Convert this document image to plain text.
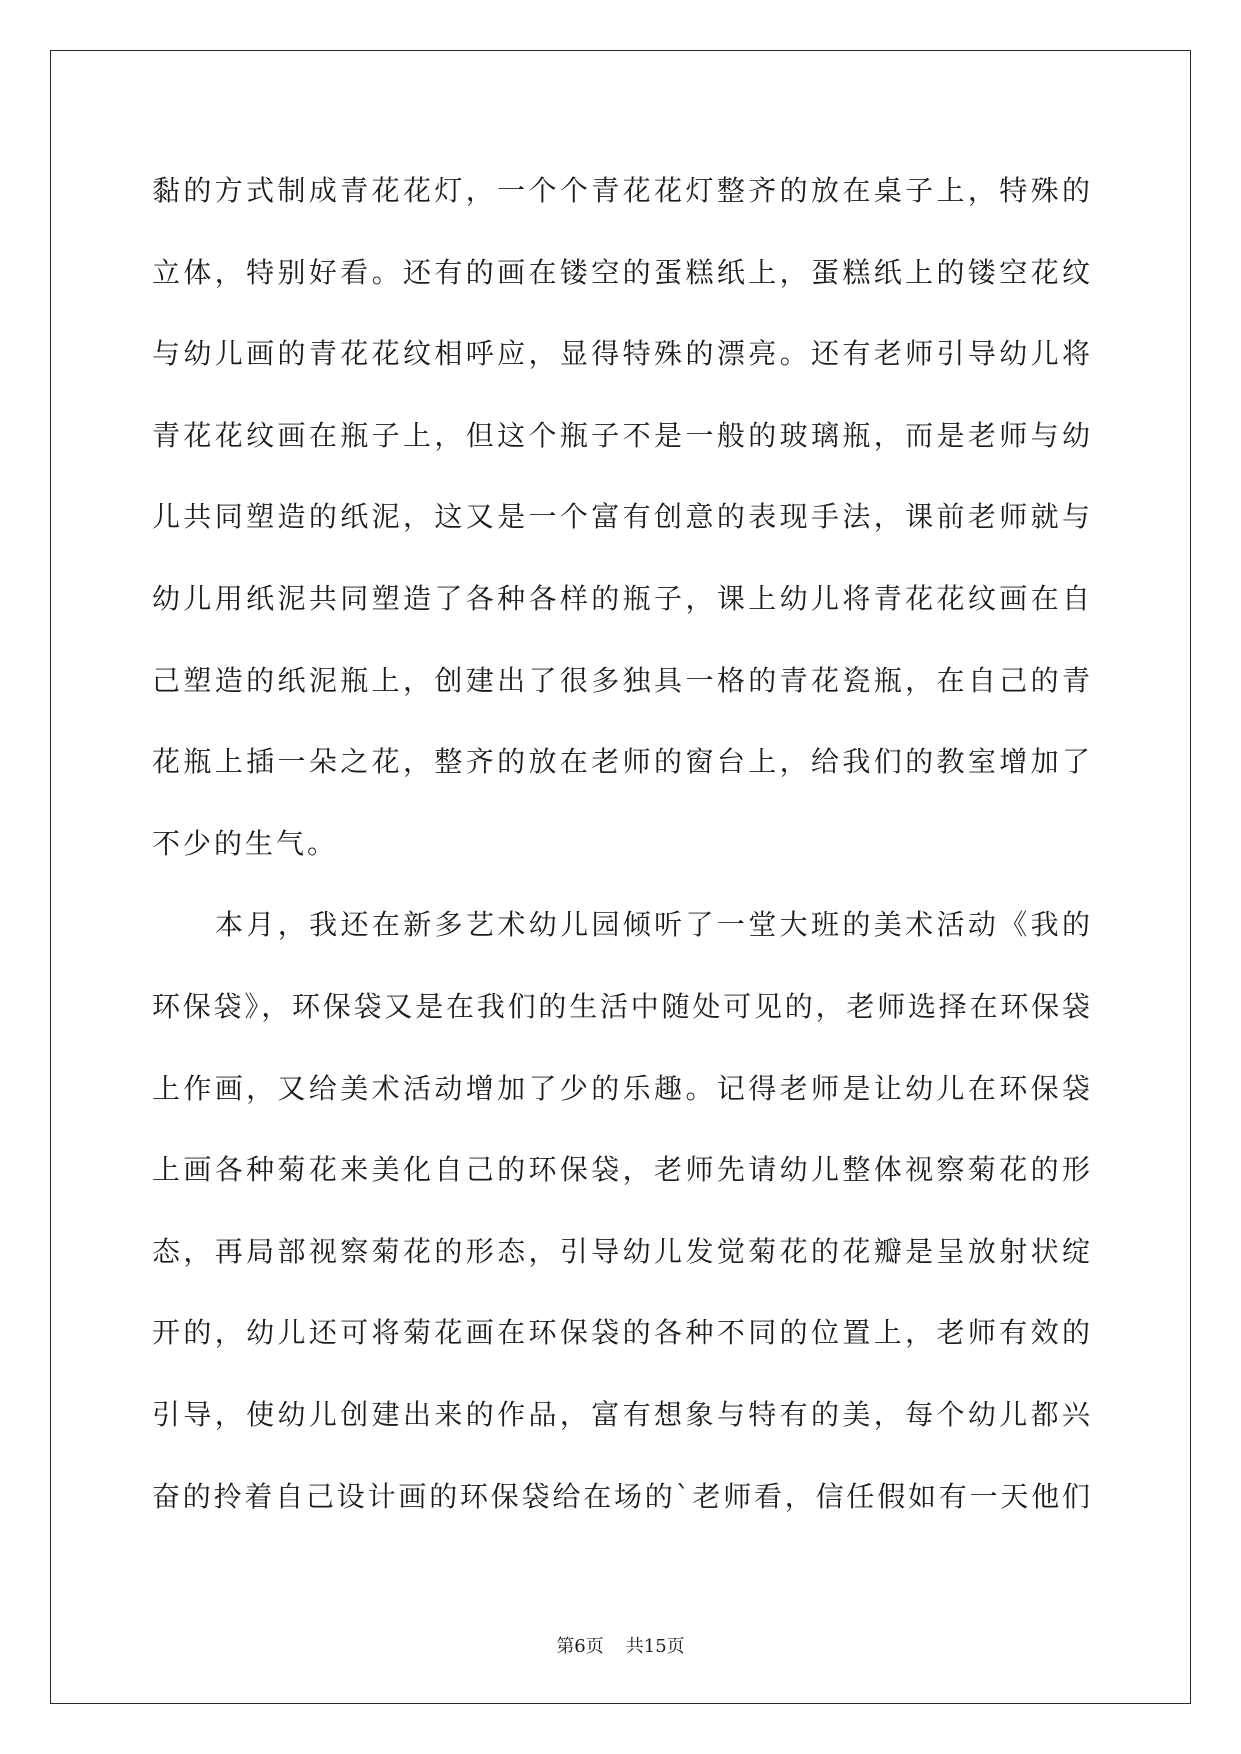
黏的方式制成青花花灯，一个个青花花灯整齐的放在桌子上，特殊的
立体，特别好看。还有的画在镂空的蛋糕纸上，蛋糕纸上的镂空花纹
与幼儿画的青花花纹相呼应，显得特殊的漂亮。还有老师引导幼儿将
青花花纹画在瓶子上，但这个瓶子不是一般的玻璃瓶，而是老师与幼
儿共同塑造的纸泥，这又是一个富有创意的表现手法，课前老师就与
幼儿用纸泥共同塑造了各种各样的瓶子，课上幼儿将青花花纹画在自
己塑造的纸泥瓶上，创建出了很多独具一格的青花瓷瓶，在自己的青
花瓶上插一朵之花，整齐的放在老师的窗台上，给我们的教室增加了
不少的生气。
本月，我还在新多艺术幼儿园倾听了一堂大班的美术活动《我的
环保袋》，环保袋又是在我们的生活中随处可见的，老师选择在环保袋
上作画，又给美术活动增加了少的乐趣。记得老师是让幼儿在环保袋
上画各种菊花来美化自己的环保袋，老师先请幼儿整体视察菊花的形
态，再局部视察菊花的形态，引导幼儿发觉菊花的花瓣是呈放射状绽
开的，幼儿还可将菊花画在环保袋的各种不同的位置上，老师有效的
引导，使幼儿创建出来的作品，富有想象与特有的美，每个幼儿都兴
奋的拎着自己设计画的环保袋给在场的`老师看，信任假如有一天他们
第6页 共15页
